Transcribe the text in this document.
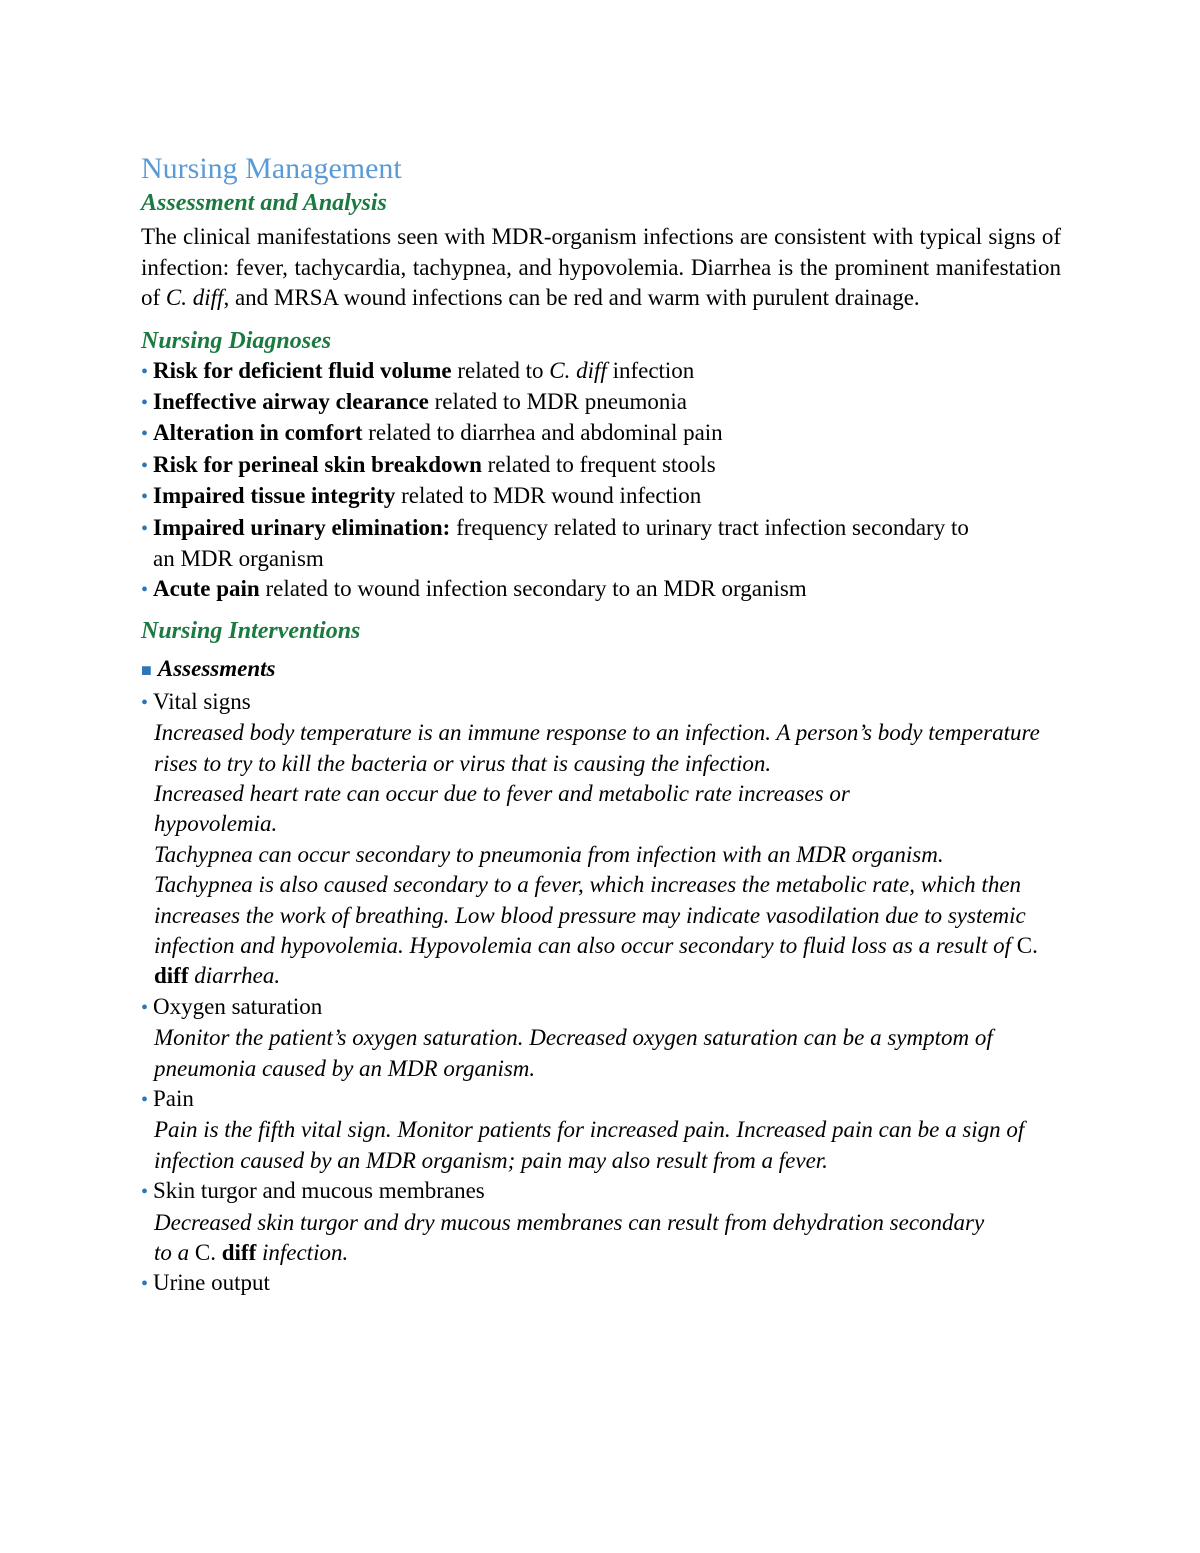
Nursing Management
Assessment and Analysis

The clinical manifestations seen with MDR-organism infections are consistent with typical signs of infection: fever, tachycardia, tachypnea, and hypovolemia. Diarrhea is the prominent manifestation of C. diff, and MRSA wound infections can be red and warm with purulent drainage.

Nursing Diagnoses
• Risk for deficient fluid volume related to C. diff infection
• Ineffective airway clearance related to MDR pneumonia
• Alteration in comfort related to diarrhea and abdominal pain
• Risk for perineal skin breakdown related to frequent stools
• Impaired tissue integrity related to MDR wound infection
• Impaired urinary elimination: frequency related to urinary tract infection secondary to an MDR organism
• Acute pain related to wound infection secondary to an MDR organism
Nursing Interventions
■ Assessments
• Vital signs
Increased body temperature is an immune response to an infection. A person’s body temperature rises to try to kill the bacteria or virus that is causing the infection.
Increased heart rate can occur due to fever and metabolic rate increases or hypovolemia.
Tachypnea can occur secondary to pneumonia from infection with an MDR organism. Tachypnea is also caused secondary to a fever, which increases the metabolic rate, which then increases the work of breathing. Low blood pressure may indicate vasodilation due to systemic infection and hypovolemia. Hypovolemia can also occur secondary to fluid loss as a result of C. diff diarrhea.
• Oxygen saturation
Monitor the patient’s oxygen saturation. Decreased oxygen saturation can be a symptom of pneumonia caused by an MDR organism.
• Pain
Pain is the fifth vital sign. Monitor patients for increased pain. Increased pain can be a sign of infection caused by an MDR organism; pain may also result from a fever.
• Skin turgor and mucous membranes
Decreased skin turgor and dry mucous membranes can result from dehydration secondary to a C. diff infection.
• Urine output
